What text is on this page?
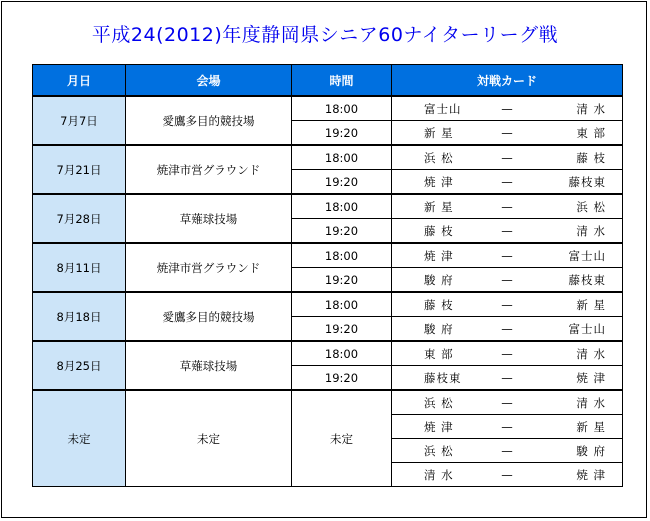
平成24(2012)年度静岡県シニア60ナイターリーグ戦
月日	会場	時間	対戦カード
7月7日	愛鷹多目的競技場	18:00	富士山 — 清 水

		19:20	新 星 — 東 部

7月21日	焼津市営グラウンド	18:00	浜 松 — 藤 枝

		19:20	焼 津 — 藤枝東

7月28日	草薙球技場	18:00	新 星 — 浜 松

		19:20	藤 枝 — 清 水

8月11日	焼津市営グラウンド	18:00	焼 津 — 富士山

		19:20	駿 府 — 藤枝東

8月18日	愛鷹多目的競技場	18:00	藤 枝 — 新 星

		19:20	駿 府 — 富士山

8月25日	草薙球技場	18:00	東 部 — 清 水

		19:20	藤枝東 — 焼 津

未定	未定	未定	浜 松 — 清 水

			焼 津 — 新 星

			浜 松 — 駿 府

			清 水 — 焼 津
